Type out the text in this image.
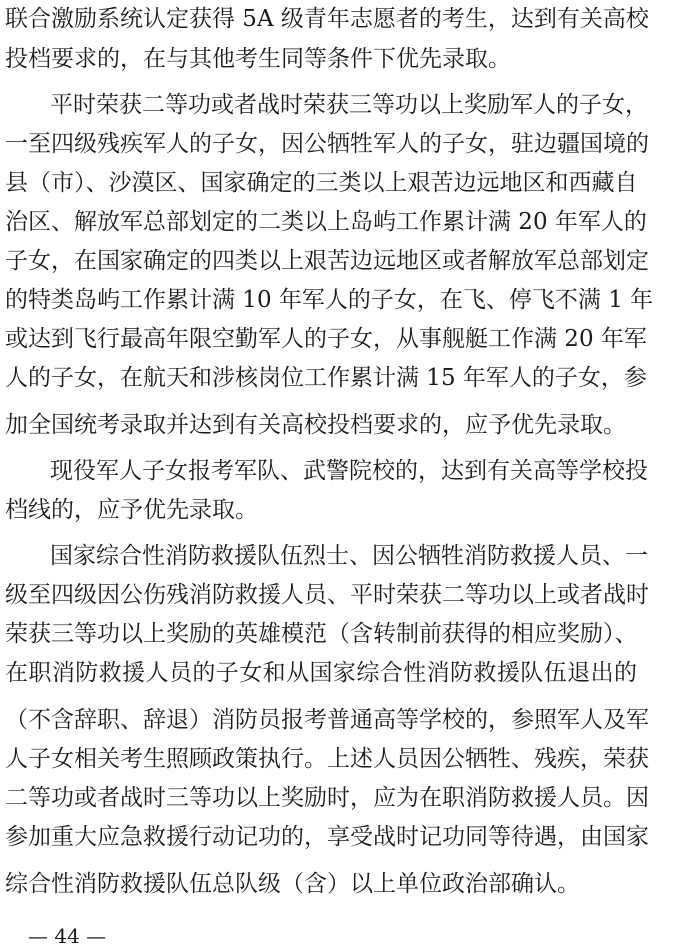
联合激励系统认定获得 5A 级青年志愿者的考生，达到有关高校
投档要求的，在与其他考生同等条件下优先录取。
平时荣获二等功或者战时荣获三等功以上奖励军人的子女，
一至四级残疾军人的子女，因公牺牲军人的子女，驻边疆国境的
县（市）、沙漠区、国家确定的三类以上艰苦边远地区和西藏自
治区、解放军总部划定的二类以上岛屿工作累计满 20 年军人的
子女，在国家确定的四类以上艰苦边远地区或者解放军总部划定
的特类岛屿工作累计满 10 年军人的子女，在飞、停飞不满 1 年
或达到飞行最高年限空勤军人的子女，从事舰艇工作满 20 年军
人的子女，在航天和涉核岗位工作累计满 15 年军人的子女，参
加全国统考录取并达到有关高校投档要求的，应予优先录取。
现役军人子女报考军队、武警院校的，达到有关高等学校投
档线的，应予优先录取。
国家综合性消防救援队伍烈士、因公牺牲消防救援人员、一
级至四级因公伤残消防救援人员、平时荣获二等功以上或者战时
荣获三等功以上奖励的英雄模范（含转制前获得的相应奖励）、
在职消防救援人员的子女和从国家综合性消防救援队伍退出的
（不含辞职、辞退）消防员报考普通高等学校的，参照军人及军
人子女相关考生照顾政策执行。上述人员因公牺牲、残疾，荣获
二等功或者战时三等功以上奖励时，应为在职消防救援人员。因
参加重大应急救援行动记功的，享受战时记功同等待遇，由国家
综合性消防救援队伍总队级（含）以上单位政治部确认。
— 44 —
